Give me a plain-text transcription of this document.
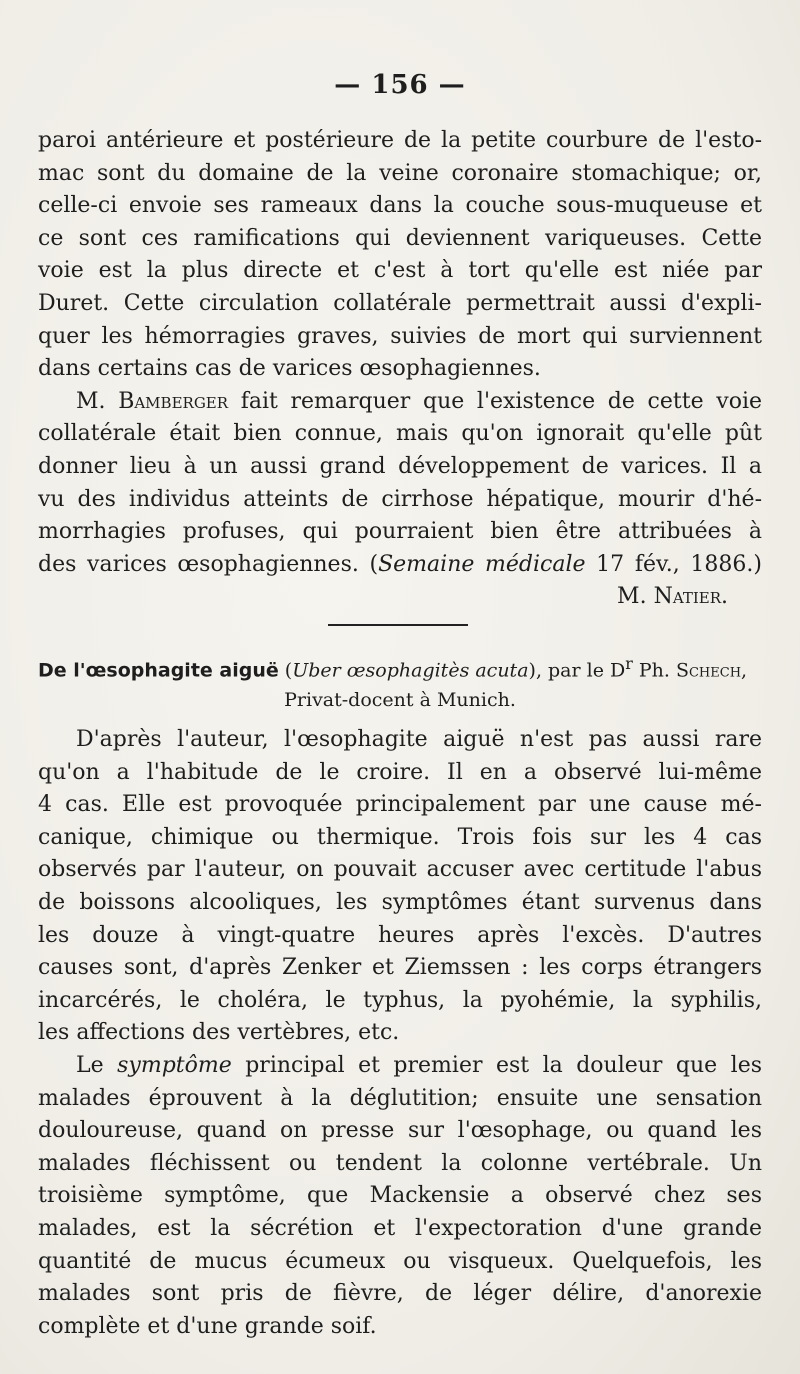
— 156 —
paroi antérieure et postérieure de la petite courbure de l'esto-
mac sont du domaine de la veine coronaire stomachique; or,
celle-ci envoie ses rameaux dans la couche sous-muqueuse et
ce sont ces ramifications qui deviennent variqueuses. Cette
voie est la plus directe et c'est à tort qu'elle est niée par
Duret. Cette circulation collatérale permettrait aussi d'expli-
quer les hémorragies graves, suivies de mort qui surviennent
dans certains cas de varices œsophagiennes.
M. Bamberger fait remarquer que l'existence de cette voie
collatérale était bien connue, mais qu'on ignorait qu'elle pût
donner lieu à un aussi grand développement de varices. Il a
vu des individus atteints de cirrhose hépatique, mourir d'hé-
morrhagies profuses, qui pourraient bien être attribuées à
des varices œsophagiennes. (Semaine médicale 17 fév., 1886.)
M. Natier.
De l'œsophagite aiguë (Uber œsophagitès acuta), par le $D^r$ Ph. Schech,
Privat-docent à Munich.
D'après l'auteur, l'œsophagite aiguë n'est pas aussi rare
qu'on a l'habitude de le croire. Il en a observé lui-même
4 cas. Elle est provoquée principalement par une cause mé-
canique, chimique ou thermique. Trois fois sur les 4 cas
observés par l'auteur, on pouvait accuser avec certitude l'abus
de boissons alcooliques, les symptômes étant survenus dans
les douze à vingt-quatre heures après l'excès. D'autres
causes sont, d'après Zenker et Ziemssen : les corps étrangers
incarcérés, le choléra, le typhus, la pyohémie, la syphilis,
les affections des vertèbres, etc.
Le symptôme principal et premier est la douleur que les
malades éprouvent à la déglutition; ensuite une sensation
douloureuse, quand on presse sur l'œsophage, ou quand les
malades fléchissent ou tendent la colonne vertébrale. Un
troisième symptôme, que Mackensie a observé chez ses
malades, est la sécrétion et l'expectoration d'une grande
quantité de mucus écumeux ou visqueux. Quelquefois, les
malades sont pris de fièvre, de léger délire, d'anorexie
complète et d'une grande soif.
